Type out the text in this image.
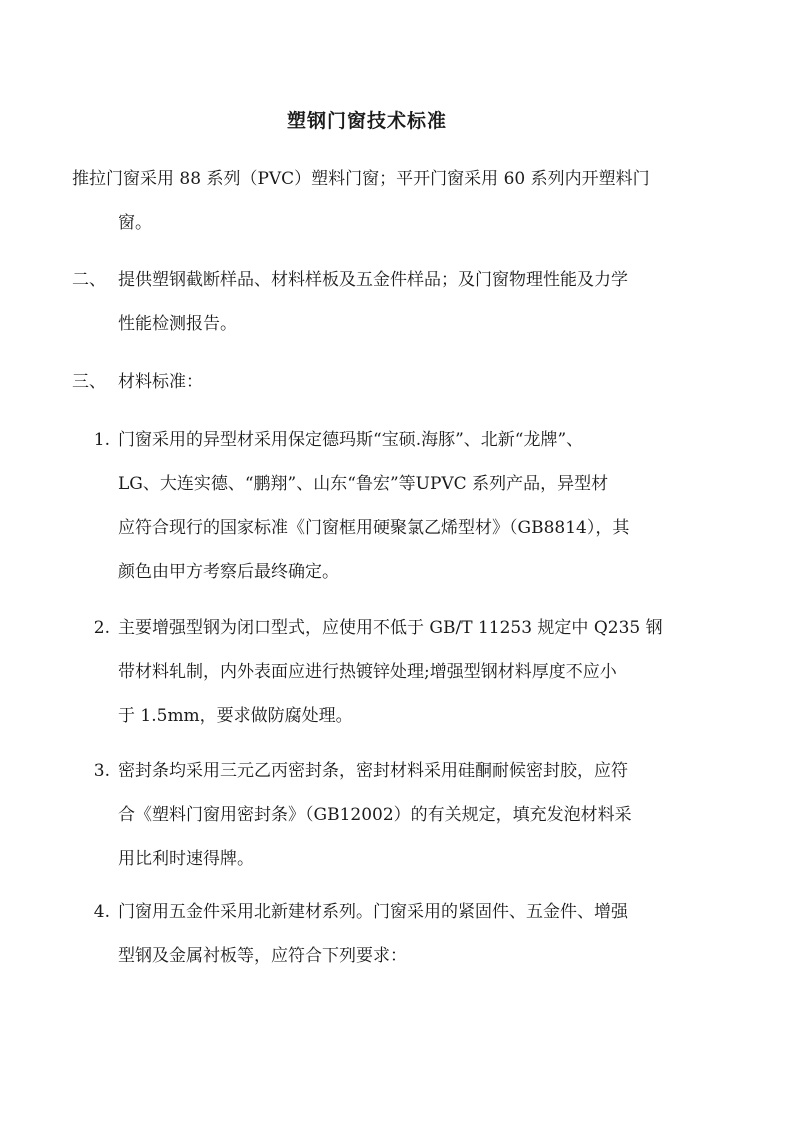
塑钢门窗技术标准
推拉门窗采用 88 系列（PVC）塑料门窗；平开门窗采用 60 系列内开塑料门
窗。
二、 提供塑钢截断样品、材料样板及五金件样品；及门窗物理性能及力学
性能检测报告。
三、 材料标准：
1. 门窗采用的异型材采用保定德玛斯“宝硕.海豚”、北新“龙牌”、
LG、大连实德、“鹏翔”、山东“鲁宏”等UPVC 系列产品，异型材
应符合现行的国家标准《门窗框用硬聚氯乙烯型材》（GB8814），其
颜色由甲方考察后最终确定。
2. 主要增强型钢为闭口型式，应使用不低于 GB/T 11253 规定中 Q235 钢
带材料轧制，内外表面应进行热镀锌处理;增强型钢材料厚度不应小
于 1.5mm，要求做防腐处理。
3. 密封条均采用三元乙丙密封条，密封材料采用硅酮耐候密封胶，应符
合《塑料门窗用密封条》（GB12002）的有关规定，填充发泡材料采
用比利时速得牌。
4. 门窗用五金件采用北新建材系列。门窗采用的紧固件、五金件、增强
型钢及金属衬板等，应符合下列要求：
